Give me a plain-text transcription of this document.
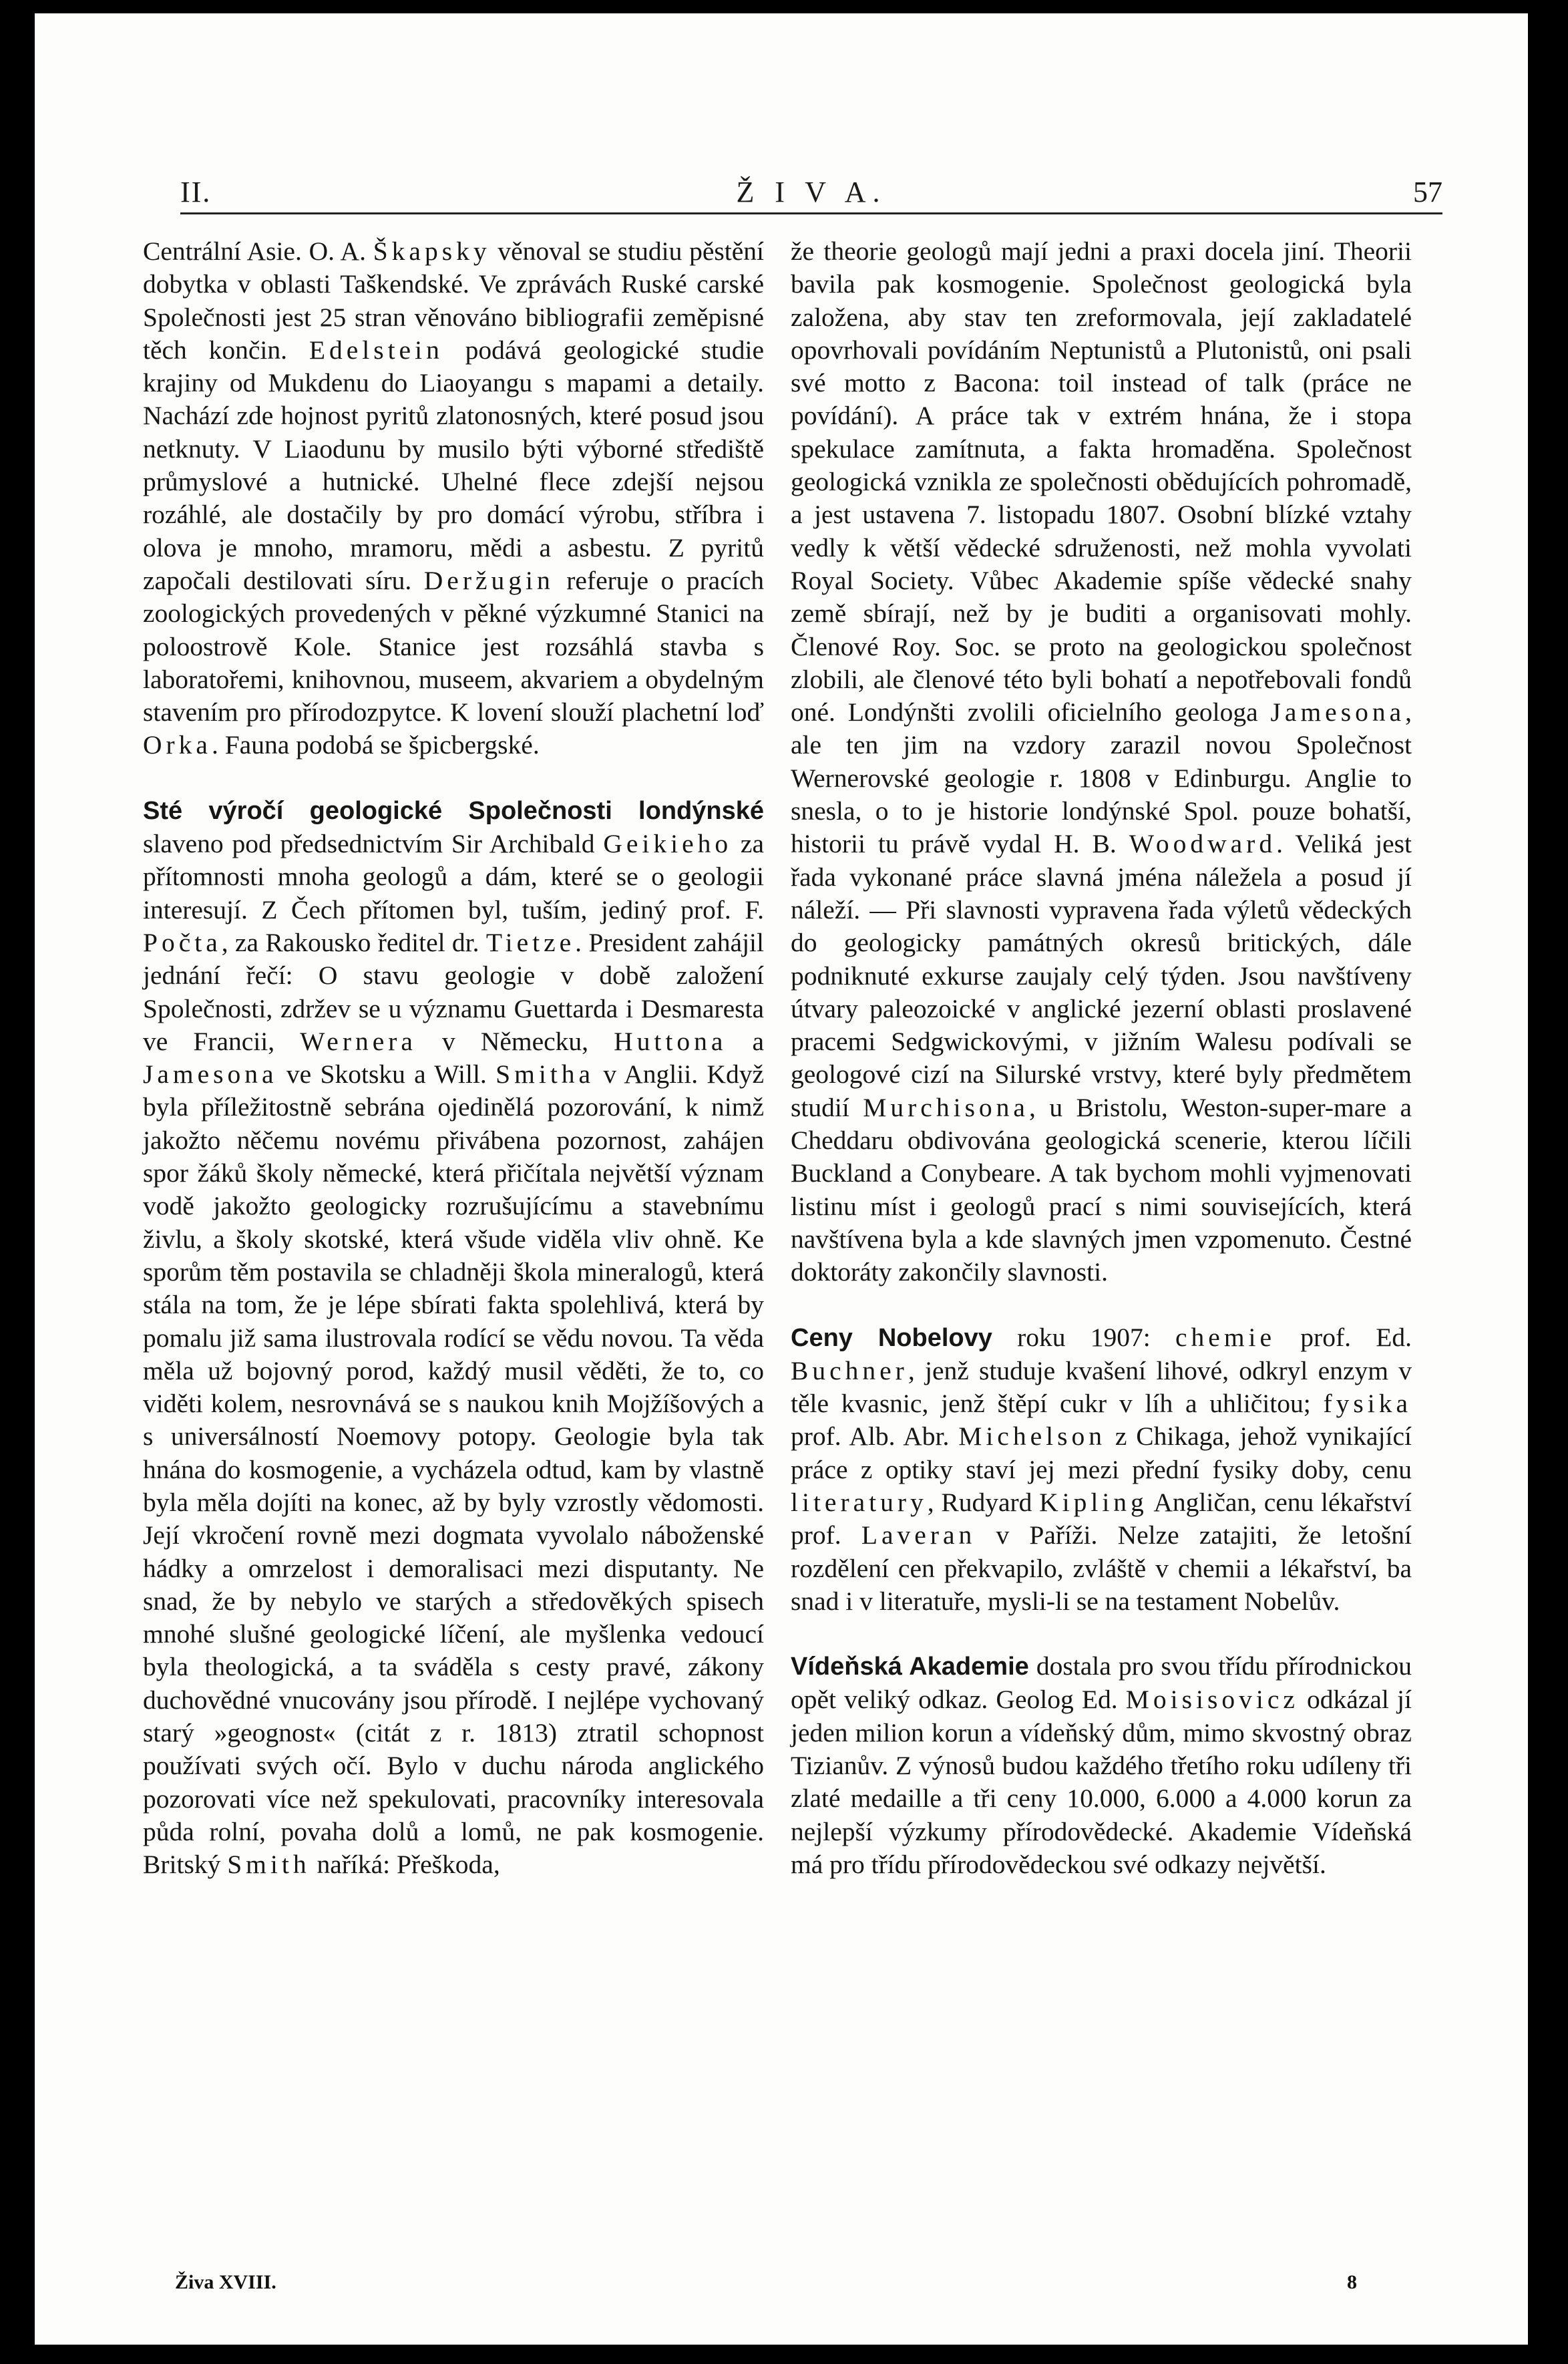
II.	Ž I V A.	57

Centrální Asie. O. A. Škapsky věnoval se studiu pěstění dobytka v oblasti Taškendské. Ve zprávách Ruské carské Společnosti jest 25 stran věnováno bibliografii zeměpisné těch končin. Edelstein podává geologické studie krajiny od Mukdenu do Liaoyangu s mapami a detaily. Nachází zde hojnost pyritů zlatonosných, které posud jsou netknuty. V Liaodunu by musilo býti výborné střediště průmyslové a hutnické. Uhelné flece zdejší nejsou rozáhlé, ale dostačily by pro domácí výrobu, stříbra i olova je mnoho, mramoru, mědi a asbestu. Z pyritů započali destilovati síru. Deržugin referuje o pracích zoologických provedených v pěkné výzkumné Stanici na poloostrově Kole. Stanice jest rozsáhlá stavba s laboratořemi, knihovnou, museem, akvariem a obydelným stavením pro přírodozpytce. K lovení slouží plachetní loď Orka. Fauna podobá se špicbergské.

Sté výročí geologické Společnosti londýnské slaveno pod předsednictvím Sir Archibald Geikieho za přítomnosti mnoha geologů a dám, které se o geologii interesují. Z Čech přítomen byl, tuším, jediný prof. F. Počta, za Rakousko ředitel dr. Tietze. President zahájil jednání řečí: O stavu geologie v době založení Společnosti, zdržev se u významu Guettarda i Desmaresta ve Francii, Wernera v Německu, Huttona a Jamesona ve Skotsku a Will. Smitha v Anglii. Když byla příležitostně sebrána ojedinělá pozorování, k nimž jakožto něčemu novému přivábena pozornost, zahájen spor žáků školy německé, která přičítala největší význam vodě jakožto geologicky rozrušujícímu a stavebnímu živlu, a školy skotské, která všude viděla vliv ohně. Ke sporům těm postavila se chladněji škola mineralogů, která stála na tom, že je lépe sbírati fakta spolehlivá, která by pomalu již sama ilustrovala rodící se vědu novou. Ta věda měla už bojovný porod, každý musil věděti, že to, co viděti kolem, nesrovnává se s naukou knih Mojžíšových a s universálností Noemovy potopy. Geologie byla tak hnána do kosmogenie, a vycházela odtud, kam by vlastně byla měla dojíti na konec, až by byly vzrostly vědomosti. Její vkročení rovně mezi dogmata vyvolalo náboženské hádky a omrzelost i demoralisaci mezi disputanty. Ne snad, že by nebylo ve starých a středověkých spisech mnohé slušné geologické líčení, ale myšlenka vedoucí byla theologická, a ta sváděla s cesty pravé, zákony duchovědné vnucovány jsou přírodě. I nejlépe vychovaný starý »geognost« (citát z r. 1813) ztratil schopnost používati svých očí. Bylo v duchu národa anglického pozorovati více než spekulovati, pracovníky interesovala půda rolní, povaha dolů a lomů, ne pak kosmogenie. Britský Smith naříká: Přeškoda,

že theorie geologů mají jedni a praxi docela jiní. Theorii bavila pak kosmogenie. Společnost geologická byla založena, aby stav ten zreformovala, její zakladatelé opovrhovali povídáním Neptunistů a Plutonistů, oni psali své motto z Bacona: toil instead of talk (práce ne povídání). A práce tak v extrém hnána, že i stopa spekulace zamítnuta, a fakta hromaděna. Společnost geologická vznikla ze společnosti obědujících pohromadě, a jest ustavena 7. listopadu 1807. Osobní blízké vztahy vedly k větší vědecké sdruženosti, než mohla vyvolati Royal Society. Vůbec Akademie spíše vědecké snahy země sbírají, než by je buditi a organisovati mohly. Členové Roy. Soc. se proto na geologickou společnost zlobili, ale členové této byli bohatí a nepotřebovali fondů oné. Londýnšti zvolili oficielního geologa Jamesona, ale ten jim na vzdory zarazil novou Společnost Wernerovské geologie r. 1808 v Edinburgu. Anglie to snesla, o to je historie londýnské Spol. pouze bohatší, historii tu právě vydal H. B. Woodward. Veliká jest řada vykonané práce slavná jména náležela a posud jí náleží. — Při slavnosti vypravena řada výletů vědeckých do geologicky památných okresů britických, dále podniknuté exkurse zaujaly celý týden. Jsou navštíveny útvary paleozoické v anglické jezerní oblasti proslavené pracemi Sedgwickovými, v jižním Walesu podívali se geologové cizí na Silurské vrstvy, které byly předmětem studií Murchisona, u Bristolu, Weston-super-mare a Cheddaru obdivována geologická scenerie, kterou líčili Buckland a Conybeare. A tak bychom mohli vyjmenovati listinu míst i geologů prací s nimi souvisejících, která navštívena byla a kde slavných jmen vzpomenuto. Čestné doktoráty zakončily slavnosti.

Ceny Nobelovy roku 1907: chemie prof. Ed. Buchner, jenž studuje kvašení lihové, odkryl enzym v těle kvasnic, jenž štěpí cukr v líh a uhličitou; fysika prof. Alb. Abr. Michelson z Chikaga, jehož vynikající práce z optiky staví jej mezi přední fysiky doby, cenu literatury, Rudyard Kipling Angličan, cenu lékařství prof. Laveran v Paříži. Nelze zatajiti, že letošní rozdělení cen překvapilo, zvláště v chemii a lékařství, ba snad i v literatuře, mysli-li se na testament Nobelův.

Vídeňská Akademie dostala pro svou třídu přírodnickou opět veliký odkaz. Geolog Ed. Moisisovicz odkázal jí jeden milion korun a vídeňský dům, mimo skvostný obraz Tizianův. Z výnosů budou každého třetího roku udíleny tři zlaté medaille a tři ceny 10.000, 6.000 a 4.000 korun za nejlepší výzkumy přírodovědecké. Akademie Vídeňská má pro třídu přírodovědeckou své odkazy největší.

Živa XVIII.	8
